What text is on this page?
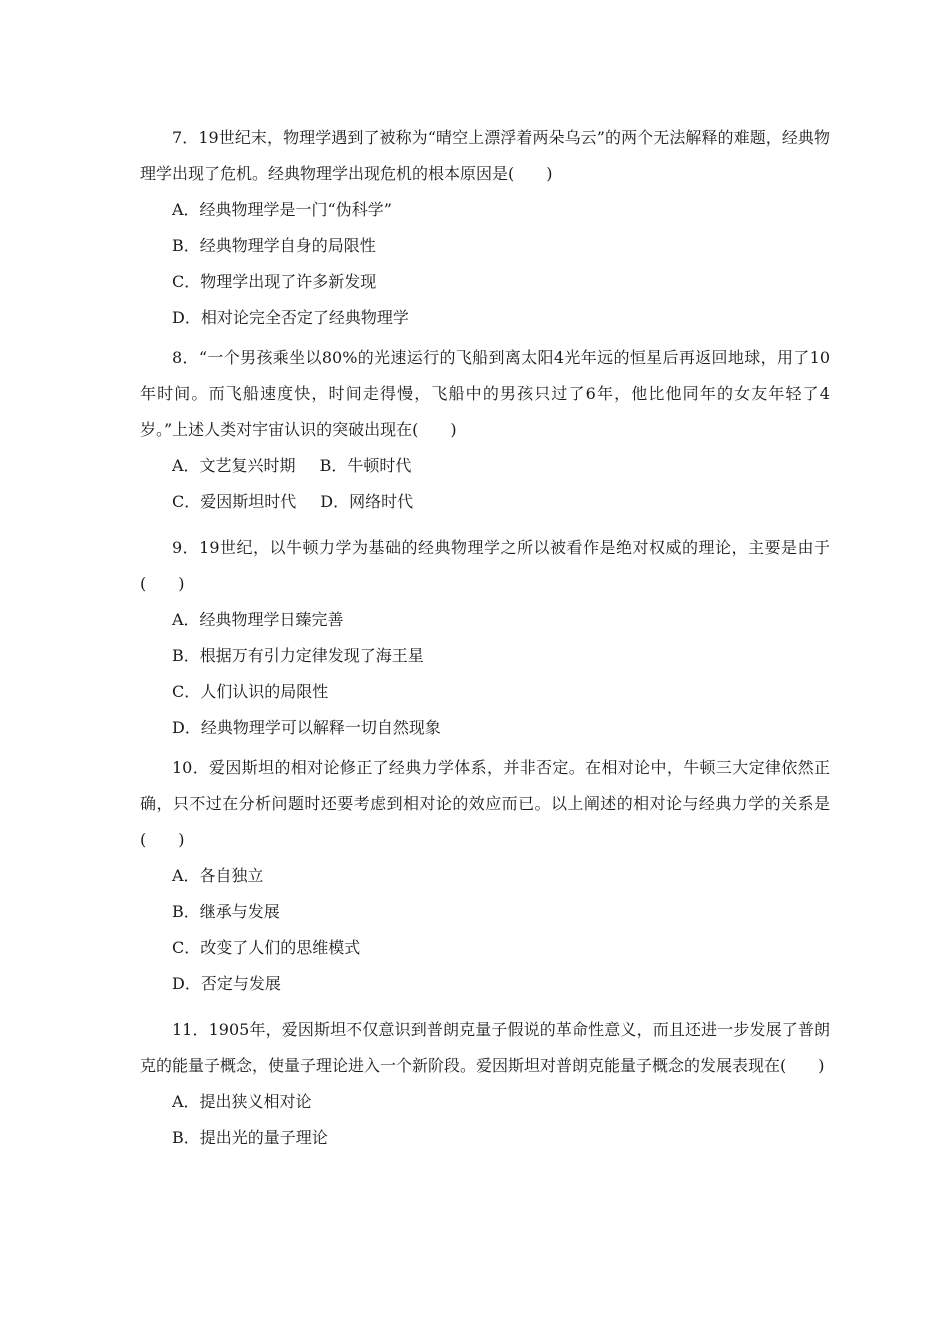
7．19世纪末，物理学遇到了被称为“晴空上漂浮着两朵乌云”的两个无法解释的难题，经典物理学出现了危机。经典物理学出现危机的根本原因是(　　)

A．经典物理学是一门“伪科学”

B．经典物理学自身的局限性

C．物理学出现了许多新发现

D．相对论完全否定了经典物理学

8．“一个男孩乘坐以80%的光速运行的飞船到离太阳4光年远的恒星后再返回地球，用了10年时间。而飞船速度快，时间走得慢，飞船中的男孩只过了6年，他比他同年的女友年轻了4岁。”上述人类对宇宙认识的突破出现在(　　)

A．文艺复兴时期 B．牛顿时代

C．爱因斯坦时代 D．网络时代

9．19世纪，以牛顿力学为基础的经典物理学之所以被看作是绝对权威的理论，主要是由于(　　)

A．经典物理学日臻完善

B．根据万有引力定律发现了海王星

C．人们认识的局限性

D．经典物理学可以解释一切自然现象

10．爱因斯坦的相对论修正了经典力学体系，并非否定。在相对论中，牛顿三大定律依然正确，只不过在分析问题时还要考虑到相对论的效应而已。以上阐述的相对论与经典力学的关系是(　　)

A．各自独立

B．继承与发展

C．改变了人们的思维模式

D．否定与发展

11．1905年，爱因斯坦不仅意识到普朗克量子假说的革命性意义，而且还进一步发展了普朗克的能量子概念，使量子理论进入一个新阶段。爱因斯坦对普朗克能量子概念的发展表现在(　　)

A．提出狭义相对论

B．提出光的量子理论
